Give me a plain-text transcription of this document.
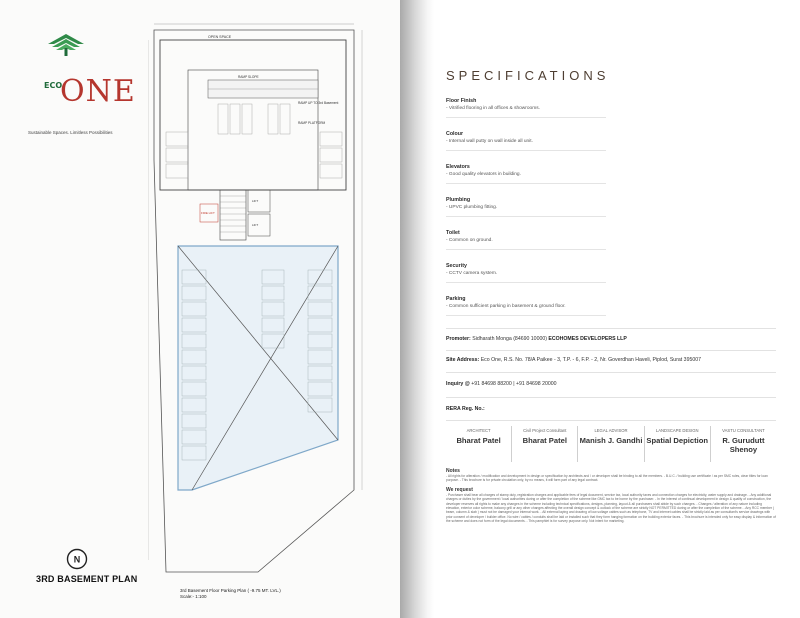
ECO
ONE
Sustainable Spaces. Limitless Possibilities
OPEN SPACE
RAMP SLOPE
RAMP UP TO 3rd Basement
RAMP PLATFORM
FIRE LIFT
LIFT
LIFT
N
3RD BASEMENT PLAN
3rd Basement Floor Parking Plan ( -9.75 MT. LVL.)
Scale:- 1:100
SPECIFICATIONS
Floor Finish
- Vitrified flooring in all offices & showrooms.
Colour
- Internal wall putty on wall inside all unit.
Elevators
- Good quality elevators in building.
Plumbing
- UPVC plumbing fitting.
Toilet
- Common on ground.
Security
- CCTV camera system.
Parking
- Common sufficient parking in basement & ground floor.
Promoter: Sidharath Monga (84690 10000) ECOHOMES DEVELOPERS LLP
Site Address: Eco One, R.S. No. 78/A Paikee - 3, T.P. - 6, F.P. - 2, Nr. Goverdhan Haveli, Piplod, Surat 395007
Inquiry @ +91 84698 88200 | +91 84698 20000
RERA Reg. No.:
ARCHITECT
Bharat Patel
Civil Project Consultant
Bharat Patel
LEGAL ADVISOR
Manish J. Gandhi
LANDSCAPE DESIGN
Spatial Depiction
VASTU CONSULTANT
R. Gurudutt Shenoy
Notes
- All rights for alteration / modification and development in design or specification by architects and / or developer shall be binding to all the members. - B.U.C. / building use certificate / as per SMC rules, clear titles for loan purpose. - This brochure is for private circulation only, by no means, it will form part of any legal contract.
We request
- Purchaser shall bear all charges of stamp duty, registration charges and applicable fees of legal document, service tax, local authority taxes and connection charges for electricity, water supply and drainage. - Any additional charges or duties by the government / local authorities during or after the completion of the scheme like GMC tax to be borne by the purchaser. - In the interest of continual development in design & quality of construction, the developer reserves all rights to make any changes in the scheme including technical specifications, designs, planning, layout & all purchasers shall abide by such changes. - Changes / alteration of any nature including elevation, exterior color scheme, balcony grill or any other changes affecting the overall design concept & outlook of the scheme are strictly NOT PERMITTED during or after the completion of the scheme. - Any RCC member ( beam, column & slab ) must not be damaged your internal work. - All external laying and drawing of low-voltage cables such as telephone, TV and internet cables shall be strictly laid as per consultant's service drawings with prior consent of developer / builder office. No wire / cables / conduits shall be laid or installed such that they form hanging formation on the building exterior faces. - This brochure is intended only for easy display & information of the scheme and does not form of the legal documents. - This pamphlet is for survey purpose only. Not intent for marketing.
